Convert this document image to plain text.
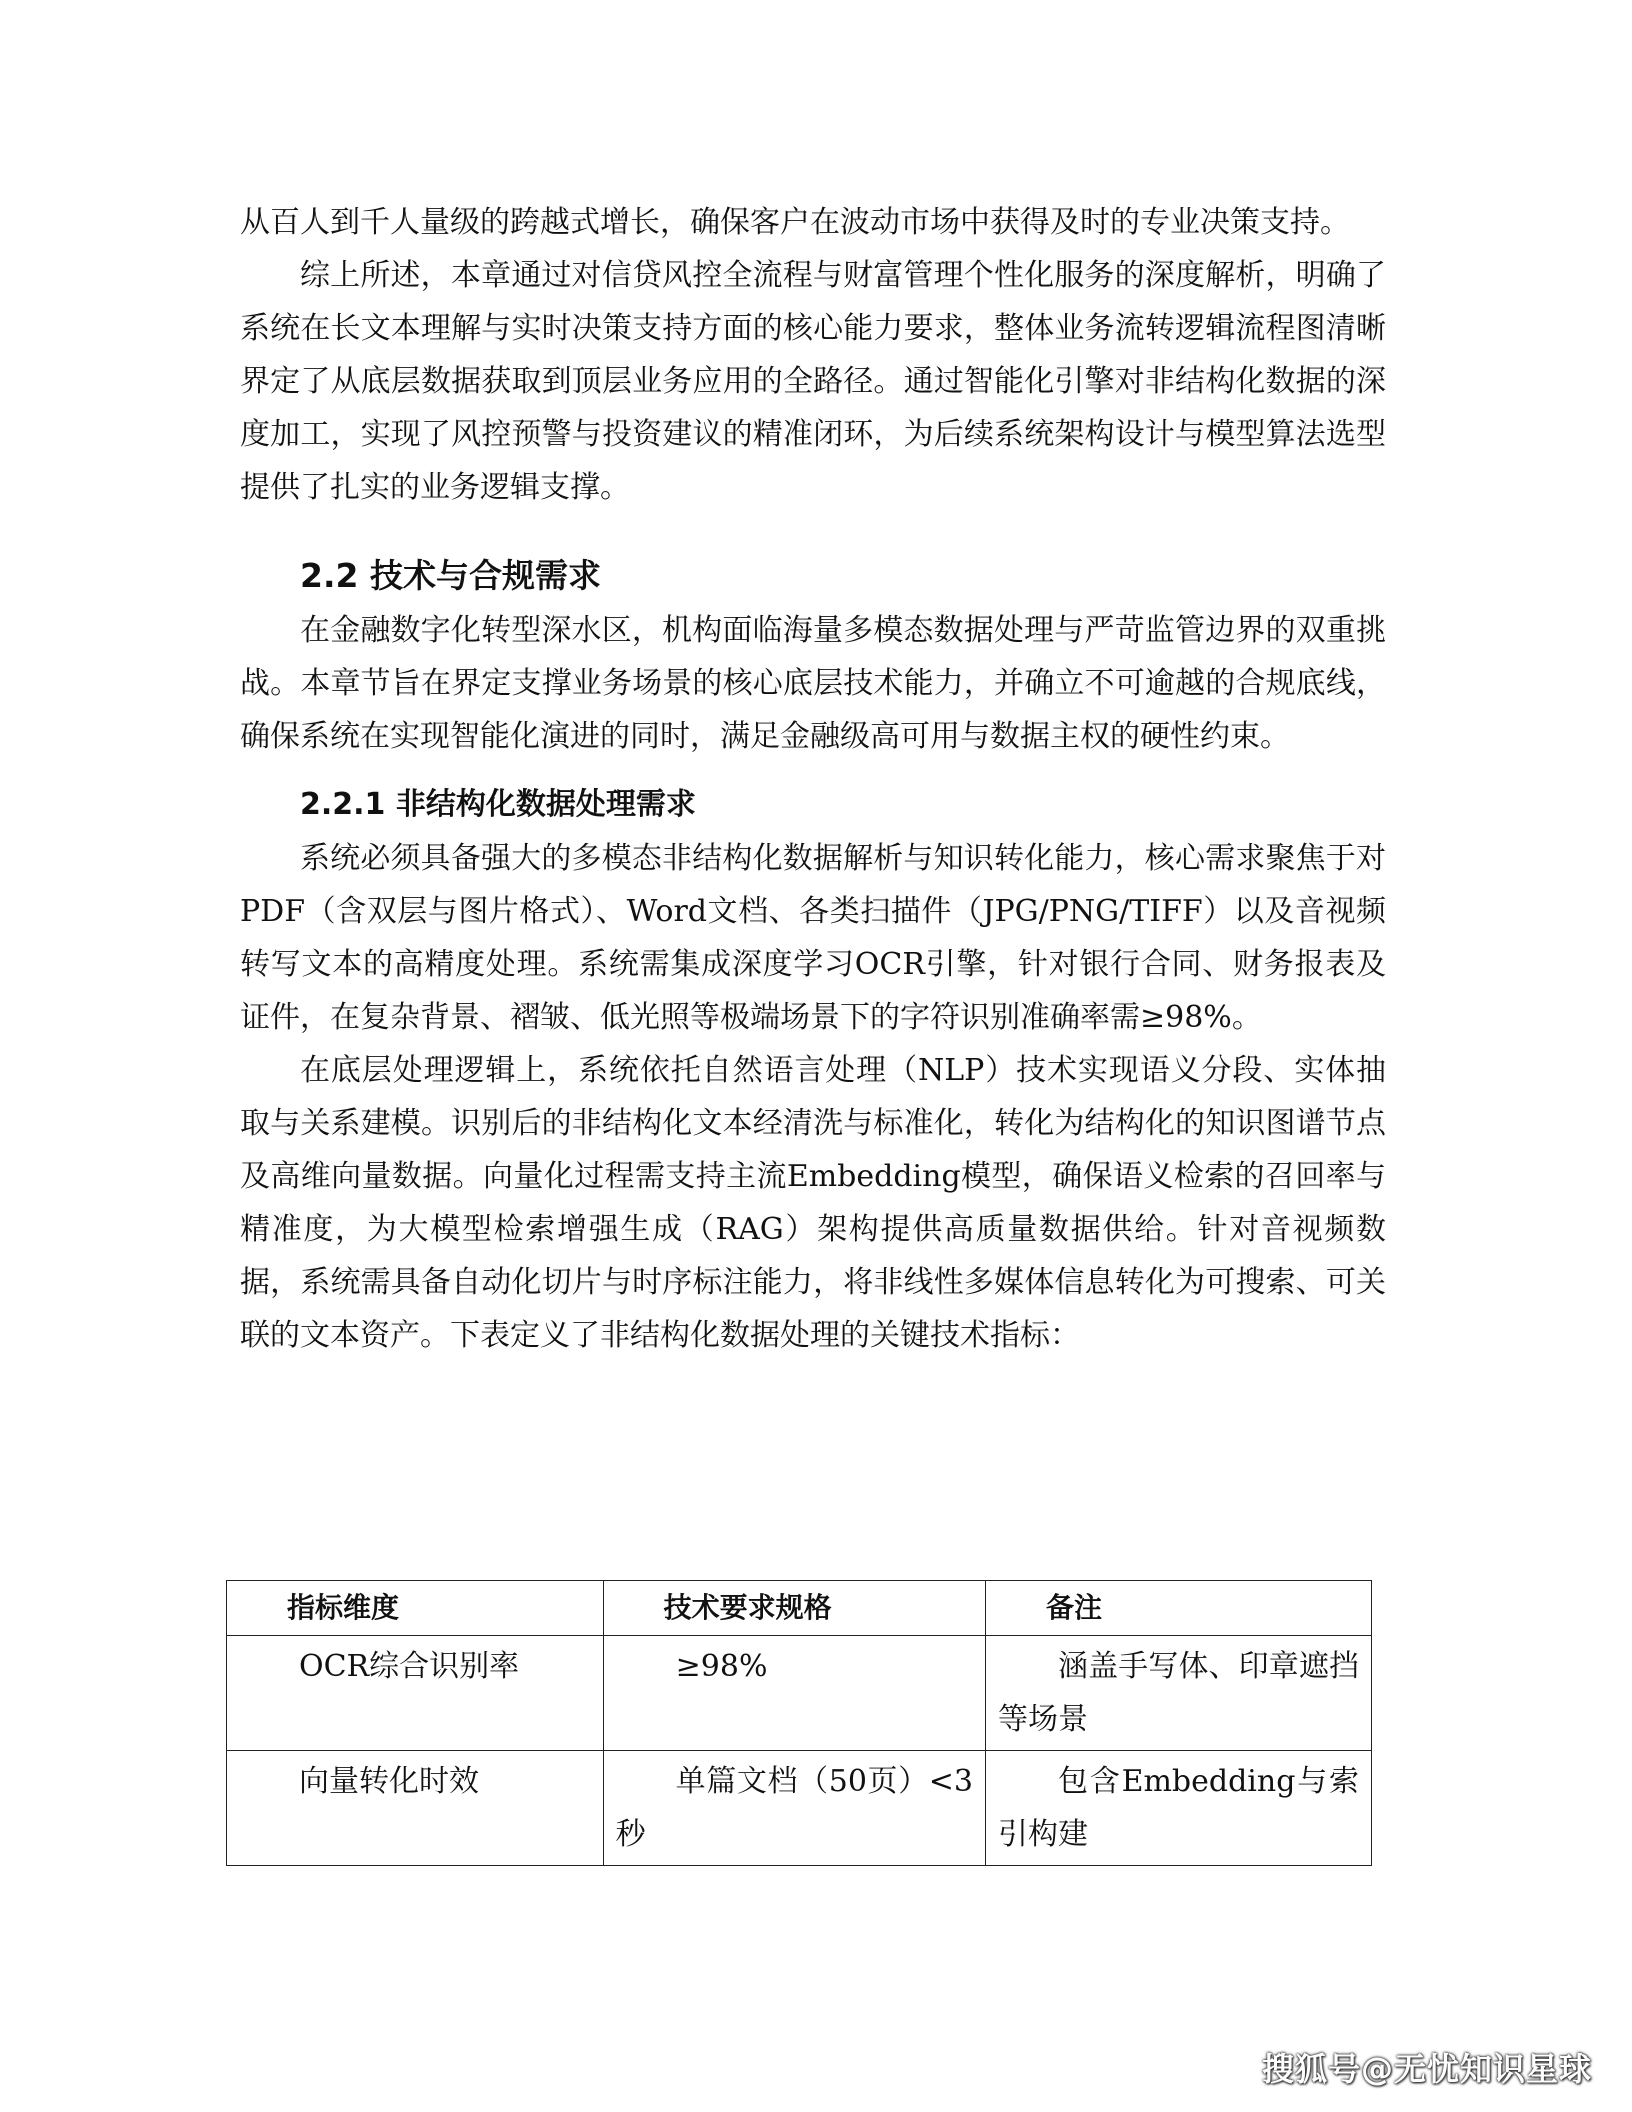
从百人到千人量级的跨越式增长，确保客户在波动市场中获得及时的专业决策支持。

综上所述，本章通过对信贷风控全流程与财富管理个性化服务的深度解析，明确了系统在长文本理解与实时决策支持方面的核心能力要求，整体业务流转逻辑流程图清晰界定了从底层数据获取到顶层业务应用的全路径。通过智能化引擎对非结构化数据的深度加工，实现了风控预警与投资建议的精准闭环，为后续系统架构设计与模型算法选型提供了扎实的业务逻辑支撑。

2.2 技术与合规需求

在金融数字化转型深水区，机构面临海量多模态数据处理与严苛监管边界的双重挑战。本章节旨在界定支撑业务场景的核心底层技术能力，并确立不可逾越的合规底线，确保系统在实现智能化演进的同时，满足金融级高可用与数据主权的硬性约束。

2.2.1 非结构化数据处理需求

系统必须具备强大的多模态非结构化数据解析与知识转化能力，核心需求聚焦于对PDF（含双层与图片格式）、Word文档、各类扫描件（JPG/PNG/TIFF）以及音视频转写文本的高精度处理。系统需集成深度学习OCR引擎，针对银行合同、财务报表及证件，在复杂背景、褶皱、低光照等极端场景下的字符识别准确率需≥98%。

在底层处理逻辑上，系统依托自然语言处理（NLP）技术实现语义分段、实体抽取与关系建模。识别后的非结构化文本经清洗与标准化，转化为结构化的知识图谱节点及高维向量数据。向量化过程需支持主流Embedding模型，确保语义检索的召回率与精准度，为大模型检索增强生成（RAG）架构提供高质量数据供给。针对音视频数据，系统需具备自动化切片与时序标注能力，将非线性多媒体信息转化为可搜索、可关联的文本资产。下表定义了非结构化数据处理的关键技术指标：

指标维度	技术要求规格	备注

OCR综合识别率	≥98%	涵盖手写体、印章遮挡等场景

向量转化时效	单篇文档（50页）<3秒	包含Embedding与索引构建
搜狐号@无忧知识星球
